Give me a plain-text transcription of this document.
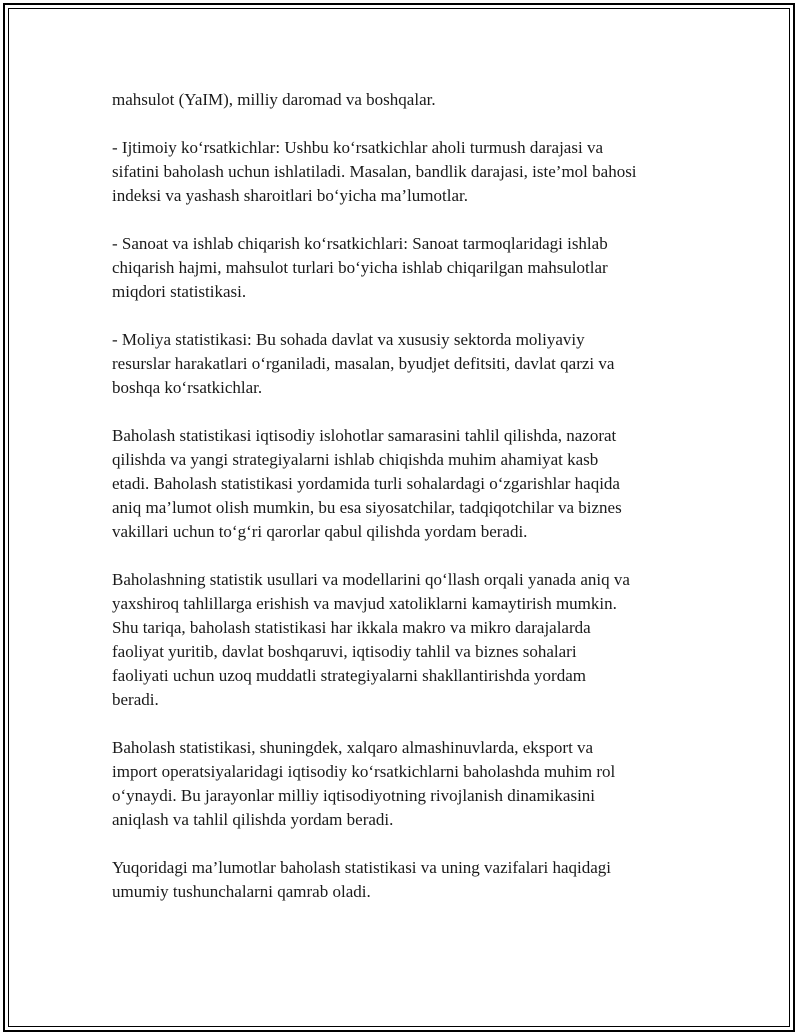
mahsulot (YaIM), milliy daromad va boshqalar.

- Ijtimoiy ko‘rsatkichlar: Ushbu ko‘rsatkichlar aholi turmush darajasi va
sifatini baholash uchun ishlatiladi. Masalan, bandlik darajasi, iste’mol bahosi
indeksi va yashash sharoitlari bo‘yicha ma’lumotlar.

- Sanoat va ishlab chiqarish ko‘rsatkichlari: Sanoat tarmoqlaridagi ishlab
chiqarish hajmi, mahsulot turlari bo‘yicha ishlab chiqarilgan mahsulotlar
miqdori statistikasi.

- Moliya statistikasi: Bu sohada davlat va xususiy sektorda moliyaviy
resurslar harakatlari o‘rganiladi, masalan, byudjet defitsiti, davlat qarzi va
boshqa ko‘rsatkichlar.

Baholash statistikasi iqtisodiy islohotlar samarasini tahlil qilishda, nazorat
qilishda va yangi strategiyalarni ishlab chiqishda muhim ahamiyat kasb
etadi. Baholash statistikasi yordamida turli sohalardagi o‘zgarishlar haqida
aniq ma’lumot olish mumkin, bu esa siyosatchilar, tadqiqotchilar va biznes
vakillari uchun to‘g‘ri qarorlar qabul qilishda yordam beradi.

Baholashning statistik usullari va modellarini qo‘llash orqali yanada aniq va
yaxshiroq tahlillarga erishish va mavjud xatoliklarni kamaytirish mumkin.
Shu tariqa, baholash statistikasi har ikkala makro va mikro darajalarda
faoliyat yuritib, davlat boshqaruvi, iqtisodiy tahlil va biznes sohalari
faoliyati uchun uzoq muddatli strategiyalarni shakllantirishda yordam
beradi.

Baholash statistikasi, shuningdek, xalqaro almashinuvlarda, eksport va
import operatsiyalaridagi iqtisodiy ko‘rsatkichlarni baholashda muhim rol
o‘ynaydi. Bu jarayonlar milliy iqtisodiyotning rivojlanish dinamikasini
aniqlash va tahlil qilishda yordam beradi.

Yuqoridagi ma’lumotlar baholash statistikasi va uning vazifalari haqidagi
umumiy tushunchalarni qamrab oladi.
